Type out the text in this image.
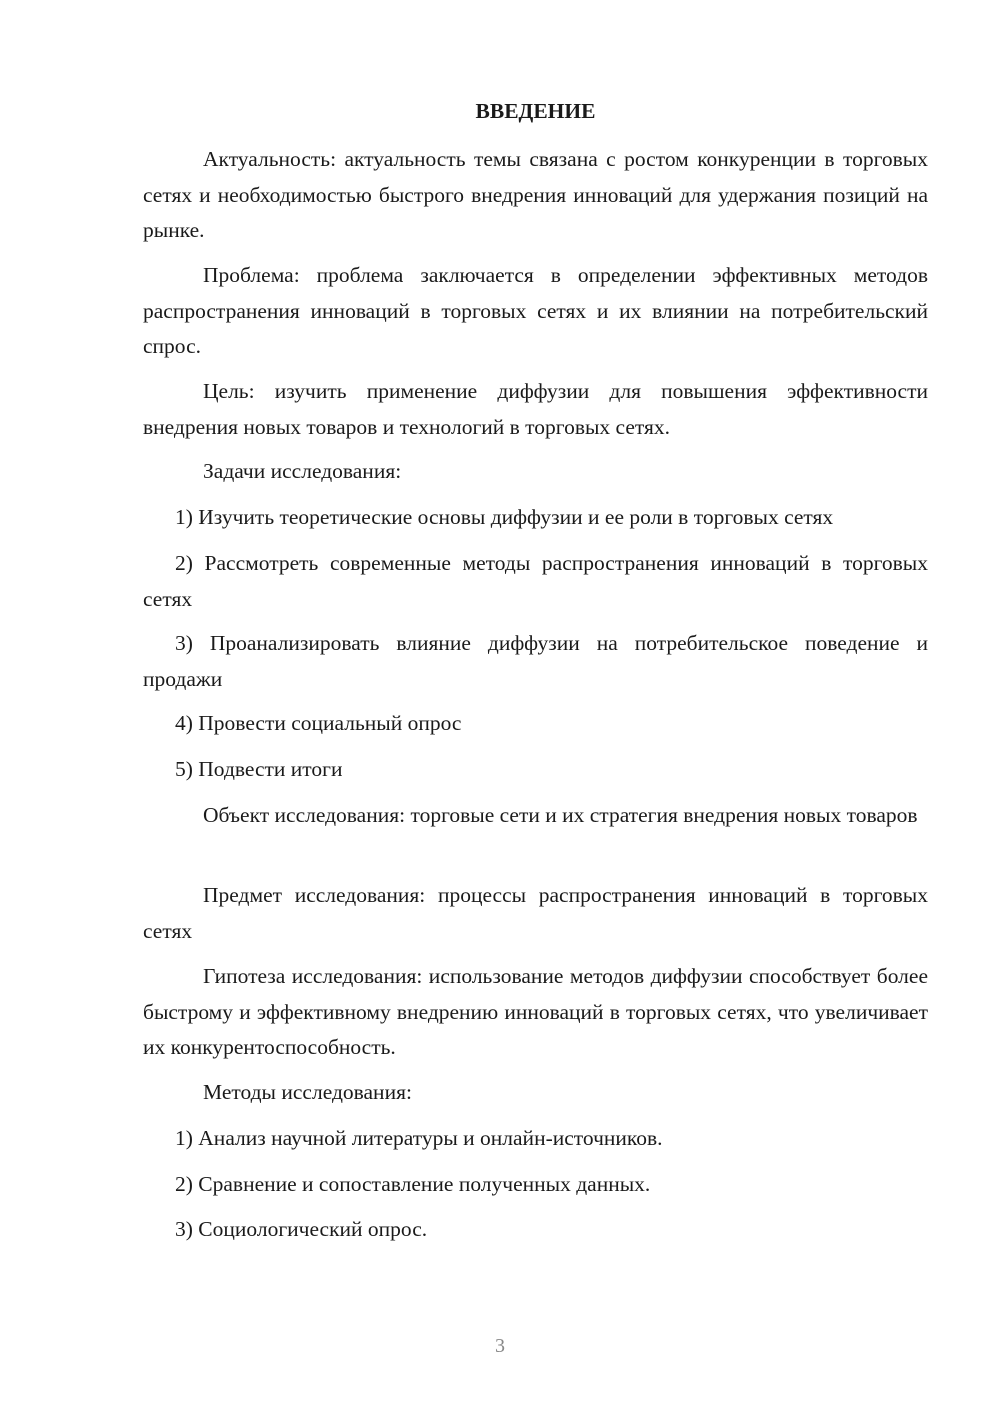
ВВЕДЕНИЕ

Актуальность: актуальность темы связана с ростом конкуренции в торговых сетях и необходимостью быстрого внедрения инноваций для удержания позиций на рынке.

Проблема: проблема заключается в определении эффективных методов распространения инноваций в торговых сетях и их влиянии на потребительский спрос.

Цель: изучить применение диффузии для повышения эффективности внедрения новых товаров и технологий в торговых сетях.

Задачи исследования:

1) Изучить теоретические основы диффузии и ее роли в торговых сетях

2) Рассмотреть современные методы распространения инноваций в торговых сетях

3) Проанализировать влияние диффузии на потребительское поведение и продажи

4) Провести социальный опрос

5) Подвести итоги

Объект исследования: торговые сети и их стратегия внедрения новых товаров

Предмет исследования: процессы распространения инноваций в торговых сетях

Гипотеза исследования: использование методов диффузии способствует более быстрому и эффективному внедрению инноваций в торговых сетях, что увеличивает их конкурентоспособность.

Методы исследования:

1) Анализ научной литературы и онлайн-источников.

2) Сравнение и сопоставление полученных данных.

3) Социологический опрос.

3
